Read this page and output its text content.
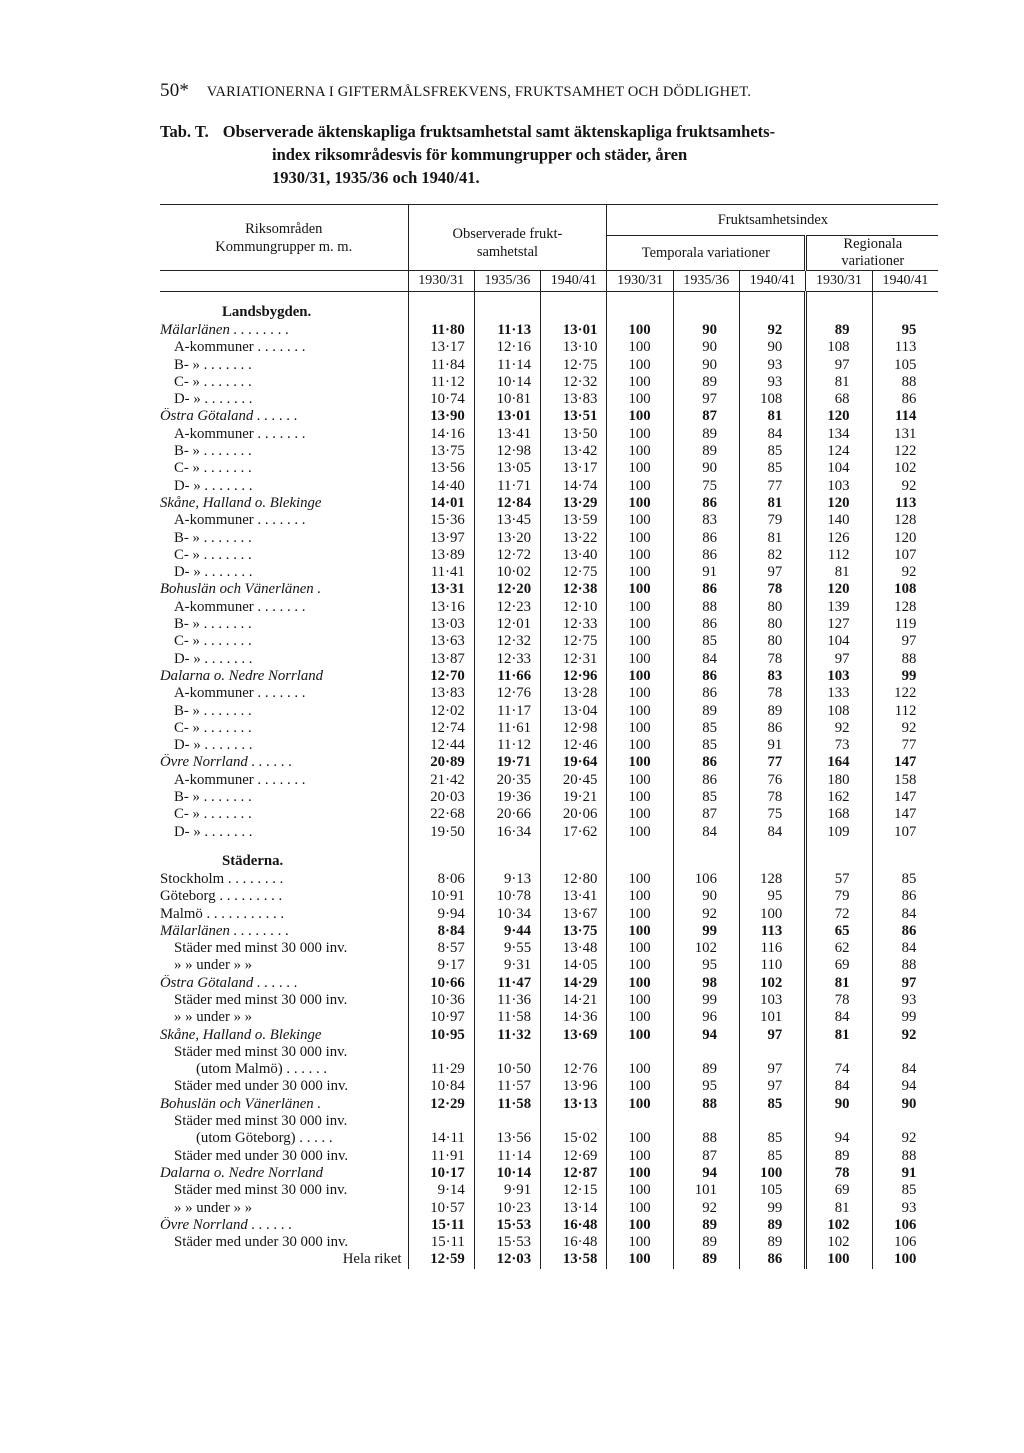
50* VARIATIONERNA I GIFTERMÅLSFREKVENS, FRUKTSAMHET OCH DÖDLIGHET.
Tab. T. Observerade äktenskapliga fruktsamhetstal samt äktenskapliga fruktsamhets-
index riksområdesvis för kommungrupper och städer, åren
1930/31, 1935/36 och 1940/41.
Riksområden
Kommungrupper m. m.	Observerade frukt-samhetstal			Fruktsamhetsindex				
				Temporala variationer			Regionala variationer	
	1930/31	1935/36	1940/41	1930/31	1935/36	1940/41	1930/31	1940/41
Landsbygden.								
Mälarlänen . . . . . . . .	11·80	11·13	13·01	100	90	92	89	95
A-kommuner . . . . . . .	13·17	12·16	13·10	100	90	90	108	113
B- » . . . . . . .	11·84	11·14	12·75	100	90	93	97	105
C- » . . . . . . .	11·12	10·14	12·32	100	89	93	81	88
D- » . . . . . . .	10·74	10·81	13·83	100	97	108	68	86
Östra Götaland . . . . . .	13·90	13·01	13·51	100	87	81	120	114
A-kommuner . . . . . . .	14·16	13·41	13·50	100	89	84	134	131
B- » . . . . . . .	13·75	12·98	13·42	100	89	85	124	122
C- » . . . . . . .	13·56	13·05	13·17	100	90	85	104	102
D- » . . . . . . .	14·40	11·71	14·74	100	75	77	103	92
Skåne, Halland o. Blekinge	14·01	12·84	13·29	100	86	81	120	113
A-kommuner . . . . . . .	15·36	13·45	13·59	100	83	79	140	128
B- » . . . . . . .	13·97	13·20	13·22	100	86	81	126	120
C- » . . . . . . .	13·89	12·72	13·40	100	86	82	112	107
D- » . . . . . . .	11·41	10·02	12·75	100	91	97	81	92
Bohuslän och Vänerlänen .	13·31	12·20	12·38	100	86	78	120	108
A-kommuner . . . . . . .	13·16	12·23	12·10	100	88	80	139	128
B- » . . . . . . .	13·03	12·01	12·33	100	86	80	127	119
C- » . . . . . . .	13·63	12·32	12·75	100	85	80	104	97
D- » . . . . . . .	13·87	12·33	12·31	100	84	78	97	88
Dalarna o. Nedre Norrland	12·70	11·66	12·96	100	86	83	103	99
A-kommuner . . . . . . .	13·83	12·76	13·28	100	86	78	133	122
B- » . . . . . . .	12·02	11·17	13·04	100	89	89	108	112
C- » . . . . . . .	12·74	11·61	12·98	100	85	86	92	92
D- » . . . . . . .	12·44	11·12	12·46	100	85	91	73	77
Övre Norrland . . . . . .	20·89	19·71	19·64	100	86	77	164	147
A-kommuner . . . . . . .	21·42	20·35	20·45	100	86	76	180	158
B- » . . . . . . .	20·03	19·36	19·21	100	85	78	162	147
C- » . . . . . . .	22·68	20·66	20·06	100	87	75	168	147
D- » . . . . . . .	19·50	16·34	17·62	100	84	84	109	107
Städerna.								
Stockholm . . . . . . . .	8·06	9·13	12·80	100	106	128	57	85
Göteborg . . . . . . . . .	10·91	10·78	13·41	100	90	95	79	86
Malmö . . . . . . . . . . .	9·94	10·34	13·67	100	92	100	72	84
Mälarlänen . . . . . . . .	8·84	9·44	13·75	100	99	113	65	86
Städer med minst 30 000 inv.	8·57	9·55	13·48	100	102	116	62	84
» » under » »	9·17	9·31	14·05	100	95	110	69	88
Östra Götaland . . . . . .	10·66	11·47	14·29	100	98	102	81	97
Städer med minst 30 000 inv.	10·36	11·36	14·21	100	99	103	78	93
» » under » »	10·97	11·58	14·36	100	96	101	84	99
Skåne, Halland o. Blekinge	10·95	11·32	13·69	100	94	97	81	92
Städer med minst 30 000 inv.								
(utom Malmö) . . . . . .	11·29	10·50	12·76	100	89	97	74	84
Städer med under 30 000 inv.	10·84	11·57	13·96	100	95	97	84	94
Bohuslän och Vänerlänen .	12·29	11·58	13·13	100	88	85	90	90
Städer med minst 30 000 inv.								
(utom Göteborg) . . . . .	14·11	13·56	15·02	100	88	85	94	92
Städer med under 30 000 inv.	11·91	11·14	12·69	100	87	85	89	88
Dalarna o. Nedre Norrland	10·17	10·14	12·87	100	94	100	78	91
Städer med minst 30 000 inv.	9·14	9·91	12·15	100	101	105	69	85
» » under » »	10·57	10·23	13·14	100	92	99	81	93
Övre Norrland . . . . . .	15·11	15·53	16·48	100	89	89	102	106
Städer med under 30 000 inv.	15·11	15·53	16·48	100	89	89	102	106
Hela riket	12·59	12·03	13·58	100	89	86	100	100
